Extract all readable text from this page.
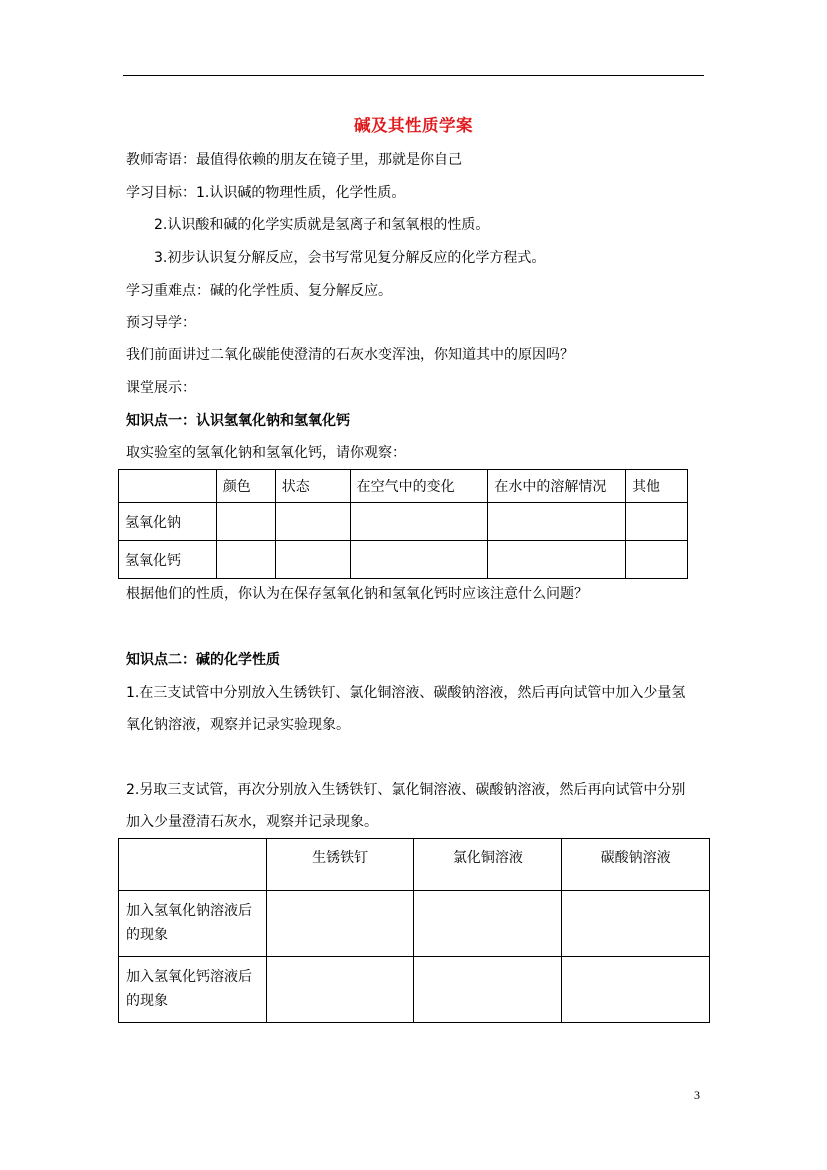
碱及其性质学案
教师寄语：最值得依赖的朋友在镜子里，那就是你自己
学习目标：1.认识碱的物理性质，化学性质。
2.认识酸和碱的化学实质就是氢离子和氢氧根的性质。
3.初步认识复分解反应，会书写常见复分解反应的化学方程式。
学习重难点：碱的化学性质、复分解反应。
预习导学：
我们前面讲过二氧化碳能使澄清的石灰水变浑浊，你知道其中的原因吗？
课堂展示：
知识点一：认识氢氧化钠和氢氧化钙
取实验室的氢氧化钠和氢氧化钙，请你观察：
	颜色	状态	在空气中的变化	在水中的溶解情况	其他
氢氧化钠					
氢氧化钙					
根据他们的性质，你认为在保存氢氧化钠和氢氧化钙时应该注意什么问题？
知识点二：碱的化学性质
1.在三支试管中分别放入生锈铁钉、氯化铜溶液、碳酸钠溶液，然后再向试管中加入少量氢
氧化钠溶液，观察并记录实验现象。
2.另取三支试管，再次分别放入生锈铁钉、氯化铜溶液、碳酸钠溶液，然后再向试管中分别
加入少量澄清石灰水，观察并记录现象。
	生锈铁钉	氯化铜溶液	碳酸钠溶液
加入氢氧化钠溶液后的现象			
加入氢氧化钙溶液后的现象			
3
